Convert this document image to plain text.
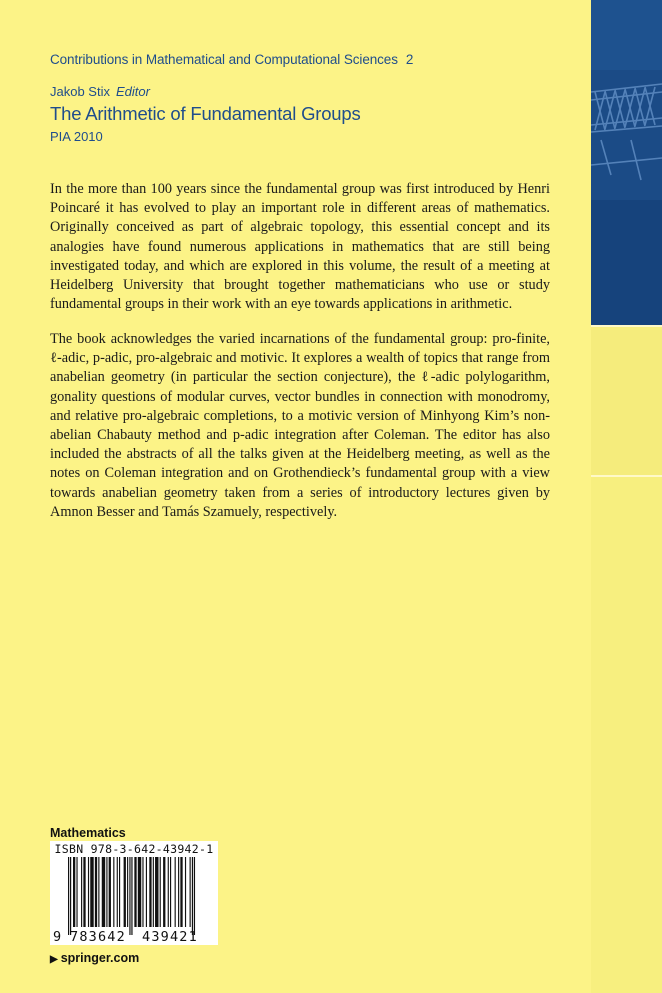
Contributions in Mathematical and Computational Sciences 2
Jakob Stix Editor
The Arithmetic of Fundamental Groups
PIA 2010

In the more than 100 years since the fundamental group was first introduced by Henri Poincaré it has evolved to play an important role in different areas of mathematics. Originally conceived as part of algebraic topology, this essential concept and its analogies have found numerous applications in mathematics that are still being investigated today, and which are explored in this volume, the result of a meeting at Heidelberg University that brought together mathematicians who use or study fundamental groups in their work with an eye towards applications in arithmetic.

The book acknowledges the varied incarnations of the fundamental group: pro-finite, ℓ-adic, p-adic, pro-algebraic and motivic. It explores a wealth of topics that range from anabelian geometry (in particular the section conjecture), the ℓ-adic polylogarithm, gonality questions of modular curves, vector bundles in connection with monodromy, and relative pro-algebraic completions, to a motivic version of Minhyong Kim’s non-abelian Chabauty method and p-adic integration after Coleman. The editor has also included the abstracts of all the talks given at the Heidelberg meeting, as well as the notes on Coleman integration and on Grothendieck’s fundamental group with a view towards anabelian geometry taken from a series of introductory lectures given by Amnon Besser and Tamás Szamuely, respectively.

Mathematics
ISBN 978-3-642-43942-1
9 783642 439421
▶ springer.com
